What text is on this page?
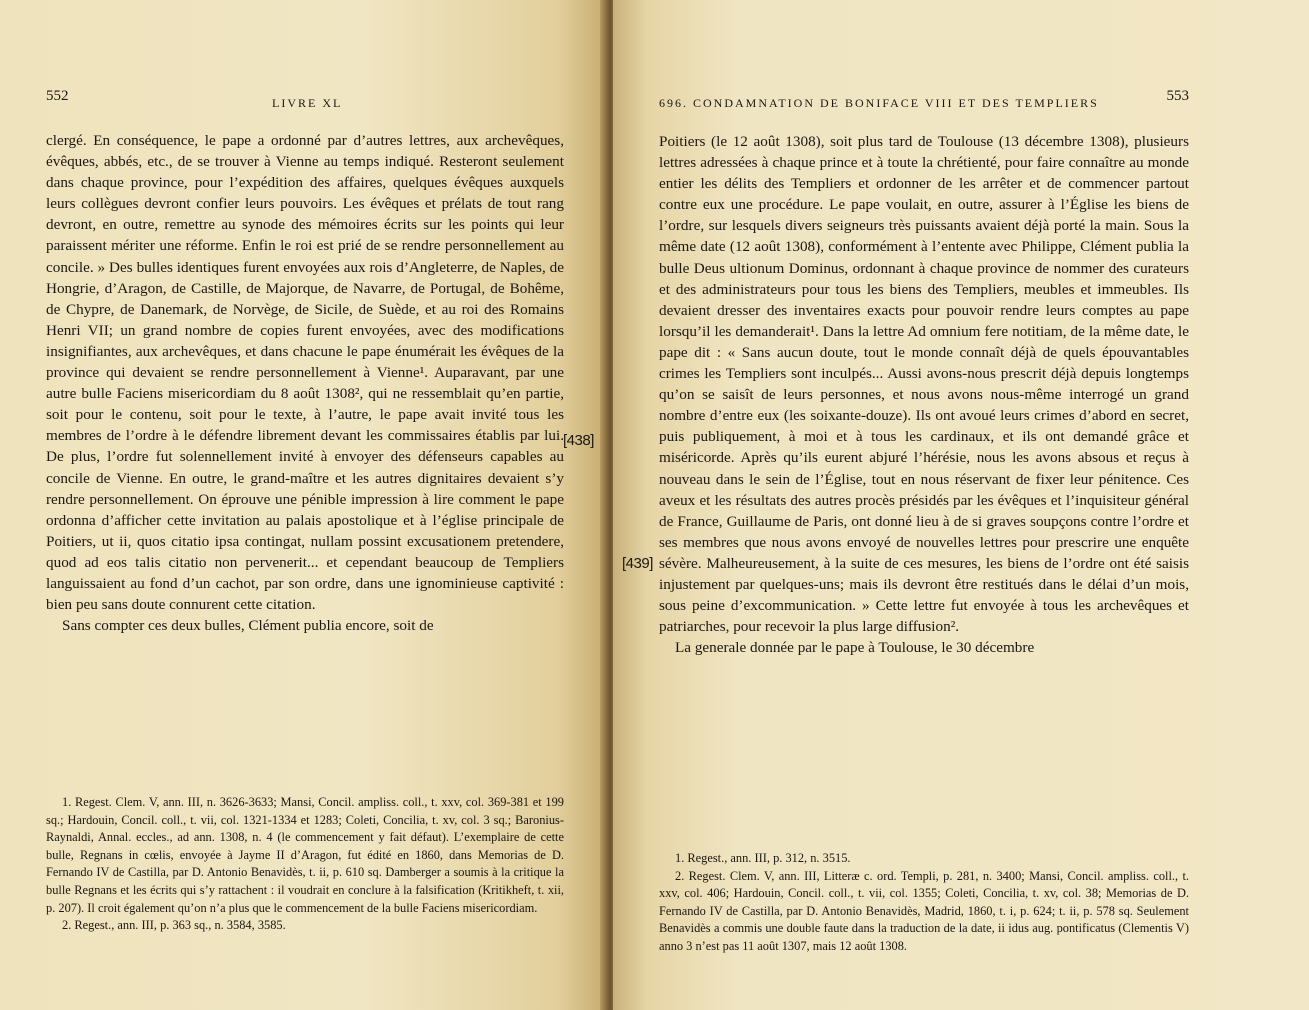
552	LIVRE XL

clergé. En conséquence, le pape a ordonné par d’autres lettres, aux archevêques, évêques, abbés, etc., de se trouver à Vienne au temps indiqué. Resteront seulement dans chaque province, pour l’expédition des affaires, quelques évêques auxquels leurs collègues devront confier leurs pouvoirs. Les évêques et prélats de tout rang devront, en outre, remettre au synode des mémoires écrits sur les points qui leur paraissent mériter une réforme. Enfin le roi est prié de se rendre personnellement au concile. » Des bulles identiques furent envoyées aux rois d’Angleterre, de Naples, de Hongrie, d’Aragon, de Castille, de Majorque, de Navarre, de Portugal, de Bohême, de Chypre, de Danemark, de Norvège, de Sicile, de Suède, et au roi des Romains Henri VII; un grand nombre de copies furent envoyées, avec des modifications insignifiantes, aux archevêques, et dans chacune le pape énumérait les évêques de la province qui devaient se rendre personnellement à Vienne¹. Auparavant, par une autre bulle Faciens misericordiam du 8 août 1308², qui ne ressemblait qu’en partie, soit pour le contenu, soit pour le texte, à l’autre, le pape avait invité tous les membres de l’ordre à le défendre librement devant les commissaires établis par lui. De plus, l’ordre fut solennellement invité à envoyer des défenseurs capables au concile de Vienne. En outre, le grand-maître et les autres dignitaires devaient s’y rendre personnellement. On éprouve une pénible impression à lire comment le pape ordonna d’afficher cette invitation au palais apostolique et à l’église principale de Poitiers, ut ii, quos citatio ipsa contingat, nullam possint excusationem pretendere, quod ad eos talis citatio non pervenerit... et cependant beaucoup de Templiers languissaient au fond d’un cachot, par son ordre, dans une ignominieuse captivité : bien peu sans doute connurent cette citation.

Sans compter ces deux bulles, Clément publia encore, soit de

1. Regest. Clem. V, ann. III, n. 3626-3633; Mansi, Concil. ampliss. coll., t. xxv, col. 369-381 et 199 sq.; Hardouin, Concil. coll., t. vii, col. 1321-1334 et 1283; Coleti, Concilia, t. xv, col. 3 sq.; Baronius-Raynaldi, Annal. eccles., ad ann. 1308, n. 4 (le commencement y fait défaut). L’exemplaire de cette bulle, Regnans in cœlis, envoyée à Jayme II d’Aragon, fut édité en 1860, dans Memorias de D. Fernando IV de Castilla, par D. Antonio Benavidès, t. ii, p. 610 sq. Damberger a soumis à la critique la bulle Regnans et les écrits qui s’y rattachent : il voudrait en conclure à la falsification (Kritikheft, t. xii, p. 207). Il croit également qu’on n’a plus que le commencement de la bulle Faciens misericordiam.

2. Regest., ann. III, p. 363 sq., n. 3584, 3585.

[438]
696. CONDAMNATION DE BONIFACE VIII ET DES TEMPLIERS	553

Poitiers (le 12 août 1308), soit plus tard de Toulouse (13 décembre 1308), plusieurs lettres adressées à chaque prince et à toute la chrétienté, pour faire connaître au monde entier les délits des Templiers et ordonner de les arrêter et de commencer partout contre eux une procédure. Le pape voulait, en outre, assurer à l’Église les biens de l’ordre, sur lesquels divers seigneurs très puissants avaient déjà porté la main. Sous la même date (12 août 1308), conformément à l’entente avec Philippe, Clément publia la bulle Deus ultionum Dominus, ordonnant à chaque province de nommer des curateurs et des administrateurs pour tous les biens des Templiers, meubles et immeubles. Ils devaient dresser des inventaires exacts pour pouvoir rendre leurs comptes au pape lorsqu’il les demanderait¹. Dans la lettre Ad omnium fere notitiam, de la même date, le pape dit : « Sans aucun doute, tout le monde connaît déjà de quels épouvantables crimes les Templiers sont inculpés... Aussi avons-nous prescrit déjà depuis longtemps qu’on se saisît de leurs personnes, et nous avons nous-même interrogé un grand nombre d’entre eux (les soixante-douze). Ils ont avoué leurs crimes d’abord en secret, puis publiquement, à moi et à tous les cardinaux, et ils ont demandé grâce et miséricorde. Après qu’ils eurent abjuré l’hérésie, nous les avons absous et reçus à nouveau dans le sein de l’Église, tout en nous réservant de fixer leur pénitence. Ces aveux et les résultats des autres procès présidés par les évêques et l’inquisiteur général de France, Guillaume de Paris, ont donné lieu à de si graves soupçons contre l’ordre et ses membres que nous avons envoyé de nouvelles lettres pour prescrire une enquête sévère. Malheureusement, à la suite de ces mesures, les biens de l’ordre ont été saisis injustement par quelques-uns; mais ils devront être restitués dans le délai d’un mois, sous peine d’excommunication. » Cette lettre fut envoyée à tous les archevêques et patriarches, pour recevoir la plus large diffusion².

La generale donnée par le pape à Toulouse, le 30 décembre

1. Regest., ann. III, p. 312, n. 3515.

2. Regest. Clem. V, ann. III, Litteræ c. ord. Templi, p. 281, n. 3400; Mansi, Concil. ampliss. coll., t. xxv, col. 406; Hardouin, Concil. coll., t. vii, col. 1355; Coleti, Concilia, t. xv, col. 38; Memorias de D. Fernando IV de Castilla, par D. Antonio Benavidès, Madrid, 1860, t. i, p. 624; t. ii, p. 578 sq. Seulement Benavidès a commis une double faute dans la traduction de la date, ii idus aug. pontificatus (Clementis V) anno 3 n’est pas 11 août 1307, mais 12 août 1308.

[439]
